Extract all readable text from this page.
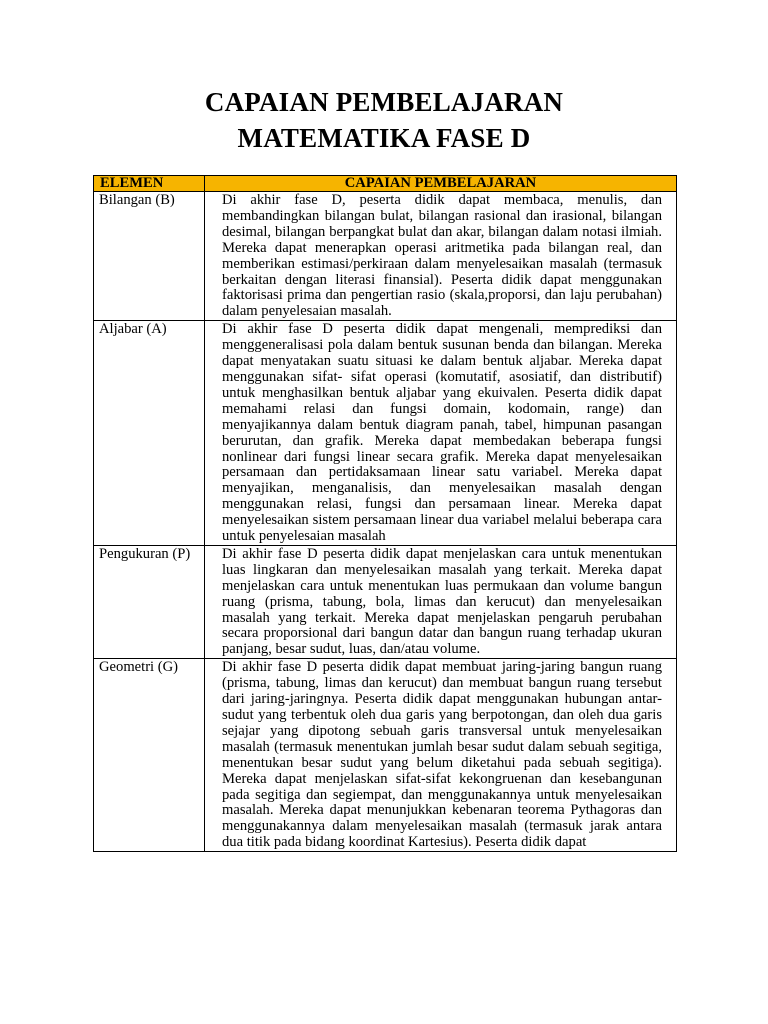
CAPAIAN PEMBELAJARAN
MATEMATIKA FASE D
ELEMEN	CAPAIAN PEMBELAJARAN
Bilangan (B)	Di akhir fase D, peserta didik dapat membaca, menulis, dan membandingkan bilangan bulat, bilangan rasional dan irasional, bilangan desimal, bilangan berpangkat bulat dan akar, bilangan dalam notasi ilmiah. Mereka dapat menerapkan operasi aritmetika pada bilangan real, dan memberikan estimasi/perkiraan dalam menyelesaikan masalah (termasuk berkaitan dengan literasi finansial). Peserta didik dapat menggunakan faktorisasi prima dan pengertian rasio (skala,proporsi, dan laju perubahan) dalam penyelesaian masalah.
Aljabar (A)	Di akhir fase D peserta didik dapat mengenali, memprediksi dan menggeneralisasi pola dalam bentuk susunan benda dan bilangan. Mereka dapat menyatakan suatu situasi ke dalam bentuk aljabar. Mereka dapat menggunakan sifat- sifat operasi (komutatif, asosiatif, dan distributif) untuk menghasilkan bentuk aljabar yang ekuivalen. Peserta didik dapat memahami relasi dan fungsi domain, kodomain, range) dan menyajikannya dalam bentuk diagram panah, tabel, himpunan pasangan berurutan, dan grafik. Mereka dapat membedakan beberapa fungsi nonlinear dari fungsi linear secara grafik. Mereka dapat menyelesaikan persamaan dan pertidaksamaan linear satu variabel. Mereka dapat menyajikan, menganalisis, dan menyelesaikan masalah dengan menggunakan relasi, fungsi dan persamaan linear. Mereka dapat menyelesaikan sistem persamaan linear dua variabel melalui beberapa cara untuk penyelesaian masalah
Pengukuran (P)	Di akhir fase D peserta didik dapat menjelaskan cara untuk menentukan luas lingkaran dan menyelesaikan masalah yang terkait. Mereka dapat menjelaskan cara untuk menentukan luas permukaan dan volume bangun ruang (prisma, tabung, bola, limas dan kerucut) dan menyelesaikan masalah yang terkait. Mereka dapat menjelaskan pengaruh perubahan secara proporsional dari bangun datar dan bangun ruang terhadap ukuran panjang, besar sudut, luas, dan/atau volume.
Geometri (G)	Di akhir fase D peserta didik dapat membuat jaring-jaring bangun ruang (prisma, tabung, limas dan kerucut) dan membuat bangun ruang tersebut dari jaring-jaringnya. Peserta didik dapat menggunakan hubungan antar-sudut yang terbentuk oleh dua garis yang berpotongan, dan oleh dua garis sejajar yang dipotong sebuah garis transversal untuk menyelesaikan masalah (termasuk menentukan jumlah besar sudut dalam sebuah segitiga, menentukan besar sudut yang belum diketahui pada sebuah segitiga). Mereka dapat menjelaskan sifat-sifat kekongruenan dan kesebangunan pada segitiga dan segiempat, dan menggunakannya untuk menyelesaikan masalah. Mereka dapat menunjukkan kebenaran teorema Pythagoras dan menggunakannya dalam menyelesaikan masalah (termasuk jarak antara dua titik pada bidang koordinat Kartesius). Peserta didik dapat
